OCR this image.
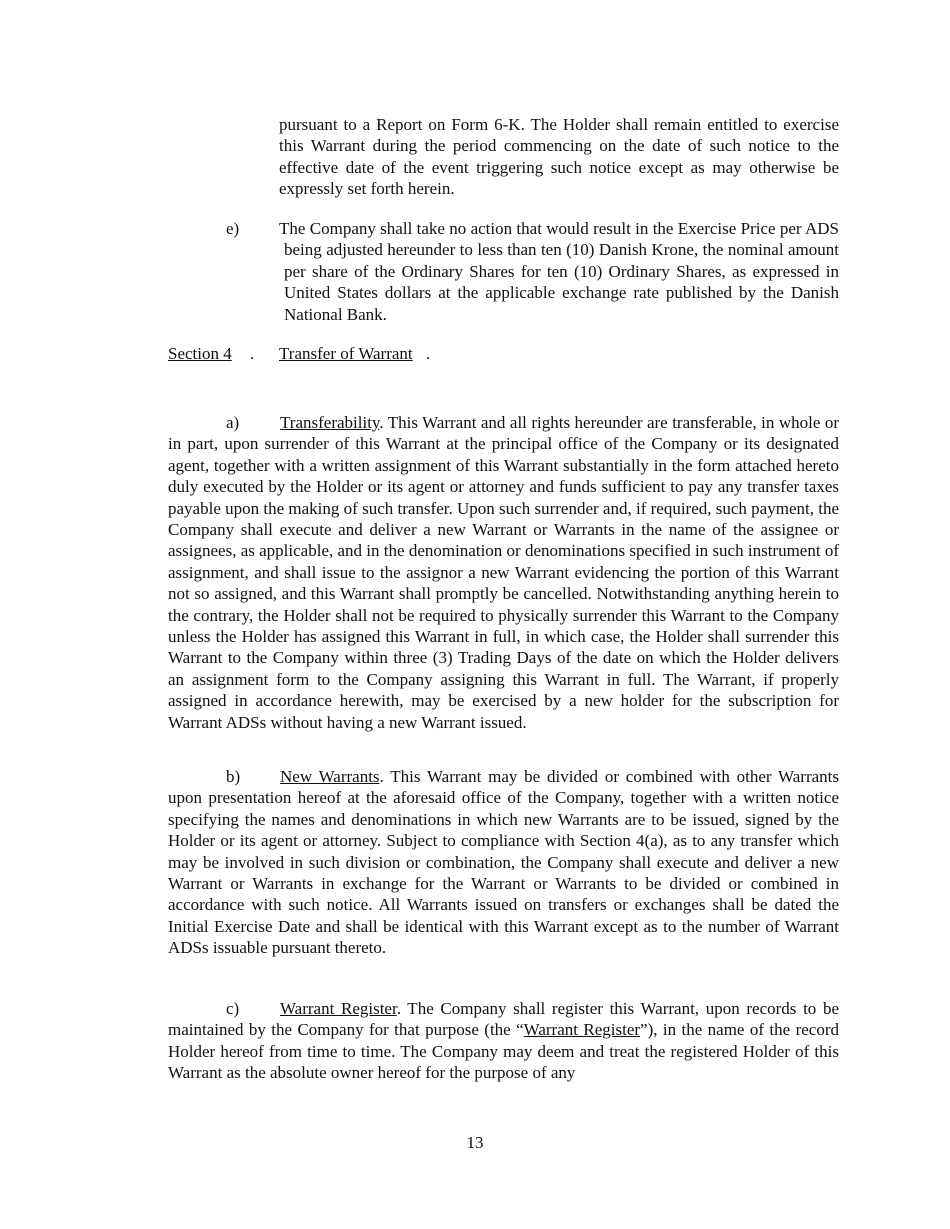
pursuant to a Report on Form 6-K. The Holder shall remain entitled to exercise this Warrant during the period commencing on the date of such notice to the effective date of the event triggering such notice except as may otherwise be expressly set forth herein.
e) The Company shall take no action that would result in the Exercise Price per ADS being adjusted hereunder to less than ten (10) Danish Krone, the nominal amount per share of the Ordinary Shares for ten (10) Ordinary Shares, as expressed in United States dollars at the applicable exchange rate published by the Danish National Bank.
Section 4 . Transfer of Warrant .
a) Transferability. This Warrant and all rights hereunder are transferable, in whole or in part, upon surrender of this Warrant at the principal office of the Company or its designated agent, together with a written assignment of this Warrant substantially in the form attached hereto duly executed by the Holder or its agent or attorney and funds sufficient to pay any transfer taxes payable upon the making of such transfer. Upon such surrender and, if required, such payment, the Company shall execute and deliver a new Warrant or Warrants in the name of the assignee or assignees, as applicable, and in the denomination or denominations specified in such instrument of assignment, and shall issue to the assignor a new Warrant evidencing the portion of this Warrant not so assigned, and this Warrant shall promptly be cancelled. Notwithstanding anything herein to the contrary, the Holder shall not be required to physically surrender this Warrant to the Company unless the Holder has assigned this Warrant in full, in which case, the Holder shall surrender this Warrant to the Company within three (3) Trading Days of the date on which the Holder delivers an assignment form to the Company assigning this Warrant in full. The Warrant, if properly assigned in accordance herewith, may be exercised by a new holder for the subscription for Warrant ADSs without having a new Warrant issued.
b) New Warrants. This Warrant may be divided or combined with other Warrants upon presentation hereof at the aforesaid office of the Company, together with a written notice specifying the names and denominations in which new Warrants are to be issued, signed by the Holder or its agent or attorney. Subject to compliance with Section 4(a), as to any transfer which may be involved in such division or combination, the Company shall execute and deliver a new Warrant or Warrants in exchange for the Warrant or Warrants to be divided or combined in accordance with such notice. All Warrants issued on transfers or exchanges shall be dated the Initial Exercise Date and shall be identical with this Warrant except as to the number of Warrant ADSs issuable pursuant thereto.
c) Warrant Register. The Company shall register this Warrant, upon records to be maintained by the Company for that purpose (the “Warrant Register”), in the name of the record Holder hereof from time to time. The Company may deem and treat the registered Holder of this Warrant as the absolute owner hereof for the purpose of any
13
